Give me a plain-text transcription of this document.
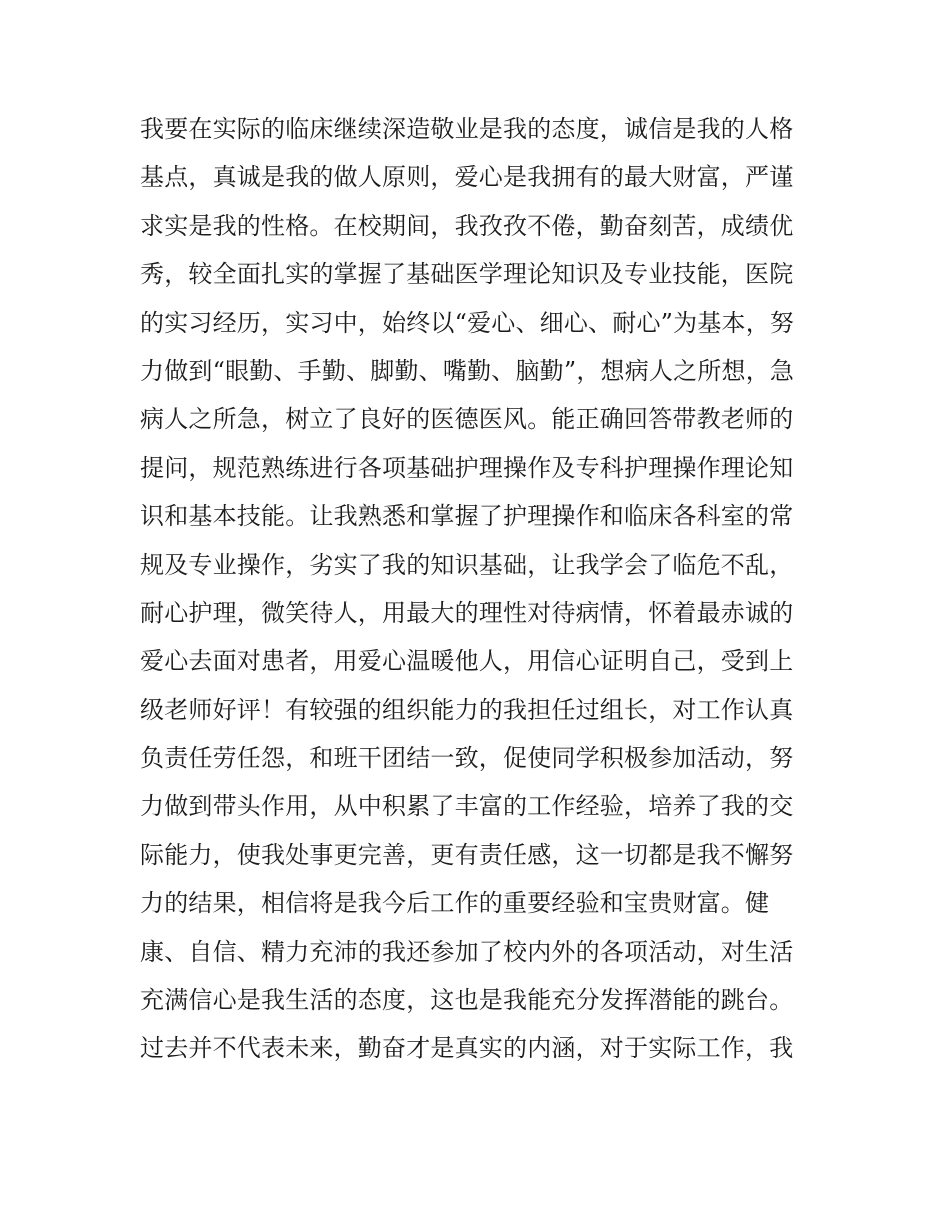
我要在实际的临床继续深造敬业是我的态度，诚信是我的人格
基点，真诚是我的做人原则，爱心是我拥有的最大财富，严谨
求实是我的性格。在校期间，我孜孜不倦，勤奋刻苦，成绩优
秀，较全面扎实的掌握了基础医学理论知识及专业技能，医院
的实习经历，实习中，始终以“爱心、细心、耐心”为基本，努
力做到“眼勤、手勤、脚勤、嘴勤、脑勤”，想病人之所想，急
病人之所急，树立了良好的医德医风。能正确回答带教老师的
提问，规范熟练进行各项基础护理操作及专科护理操作理论知
识和基本技能。让我熟悉和掌握了护理操作和临床各科室的常
规及专业操作，劣实了我的知识基础，让我学会了临危不乱，
耐心护理，微笑待人，用最大的理性对待病情，怀着最赤诚的
爱心去面对患者，用爱心温暖他人，用信心证明自己，受到上
级老师好评！有较强的组织能力的我担任过组长，对工作认真
负责任劳任怨，和班干团结一致，促使同学积极参加活动，努
力做到带头作用，从中积累了丰富的工作经验，培养了我的交
际能力，使我处事更完善，更有责任感，这一切都是我不懈努
力的结果，相信将是我今后工作的重要经验和宝贵财富。健
康、自信、精力充沛的我还参加了校内外的各项活动，对生活
充满信心是我生活的态度，这也是我能充分发挥潜能的跳台。
过去并不代表未来，勤奋才是真实的内涵，对于实际工作，我
